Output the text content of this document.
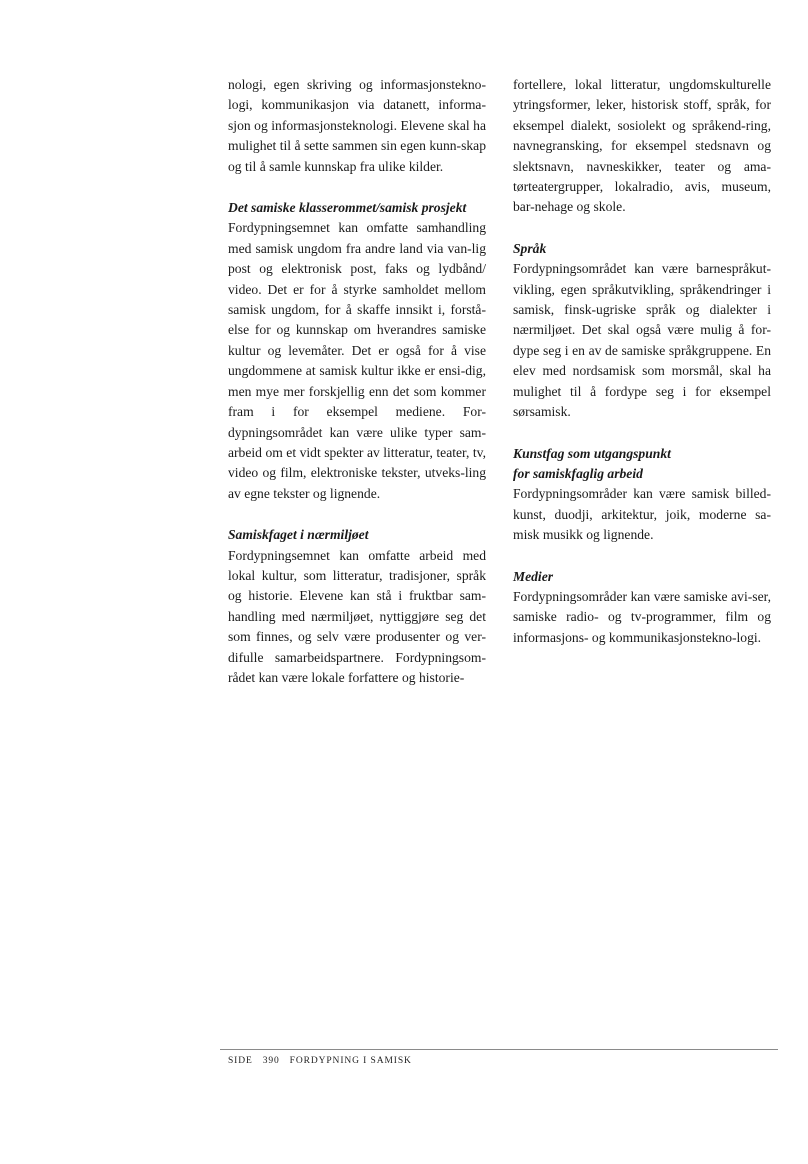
nologi, egen skriving og informasjonstekno-logi, kommunikasjon via datanett, informa-sjon og informasjonsteknologi. Elevene skal ha mulighet til å sette sammen sin egen kunn-skap og til å samle kunnskap fra ulike kilder.

Det samiske klasserommet/samisk prosjekt

Fordypningsemnet kan omfatte samhandling med samisk ungdom fra andre land via van-lig post og elektronisk post, faks og lydbånd/ video. Det er for å styrke samholdet mellom samisk ungdom, for å skaffe innsikt i, forstå-else for og kunnskap om hverandres samiske kultur og levemåter. Det er også for å vise ungdommene at samisk kultur ikke er ensi-dig, men mye mer forskjellig enn det som kommer fram i for eksempel mediene. For-dypningsområdet kan være ulike typer sam-arbeid om et vidt spekter av litteratur, teater, tv, video og film, elektroniske tekster, utveks-ling av egne tekster og lignende.

Samiskfaget i nærmiljøet

Fordypningsemnet kan omfatte arbeid med lokal kultur, som litteratur, tradisjoner, språk og historie. Elevene kan stå i fruktbar sam-handling med nærmiljøet, nyttiggjøre seg det som finnes, og selv være produsenter og ver-difulle samarbeidspartnere. Fordypningsom-rådet kan være lokale forfattere og historie-

fortellere, lokal litteratur, ungdomskulturelle ytringsformer, leker, historisk stoff, språk, for eksempel dialekt, sosiolekt og språkend-ring, navnegransking, for eksempel stedsnavn og slektsnavn, navneskikker, teater og ama-tørteatergrupper, lokalradio, avis, museum, bar-nehage og skole.

Språk

Fordypningsområdet kan være barnespråkut-vikling, egen språkutvikling, språkendringer i samisk, finsk-ugriske språk og dialekter i nærmiljøet. Det skal også være mulig å for-dype seg i en av de samiske språkgruppene. En elev med nordsamisk som morsmål, skal ha mulighet til å fordype seg i for eksempel sørsamisk.

Kunstfag som utgangspunkt

for samiskfaglig arbeid

Fordypningsområder kan være samisk billed-kunst, duodji, arkitektur, joik, moderne sa-misk musikk og lignende.

Medier

Fordypningsområder kan være samiske avi-ser, samiske radio- og tv-programmer, film og informasjons- og kommunikasjonstekno-logi.

SIDE 390 FORDYPNING I SAMISK
